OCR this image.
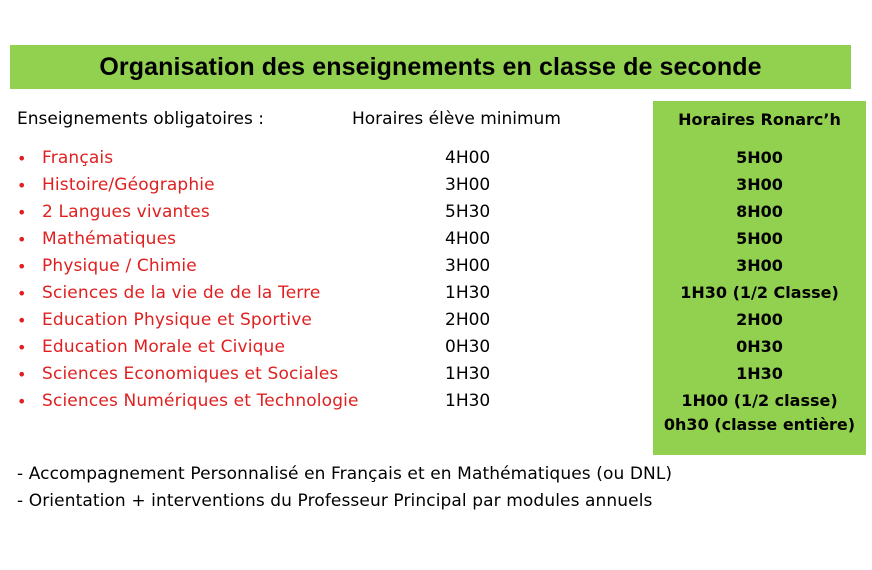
Organisation des enseignements en classe de seconde
Enseignements obligatoires :	Horaires élève minimum	Horaires Ronarc’h
• Français	4H00	5H00
• Histoire/Géographie	3H00	3H00
• 2 Langues vivantes	5H30	8H00
• Mathématiques	4H00	5H00
• Physique / Chimie	3H00	3H00
• Sciences de la vie de de la Terre	1H30	1H30 (1/2 Classe)
• Education Physique et Sportive	2H00	2H00
• Education Morale et Civique	0H30	0H30
• Sciences Economiques et Sociales	1H30	1H30
• Sciences Numériques et Technologie	1H30	1H00 (1/2 classe)
0h30 (classe entière)
- Accompagnement Personnalisé en Français et en Mathématiques (ou DNL)
- Orientation + interventions du Professeur Principal par modules annuels
